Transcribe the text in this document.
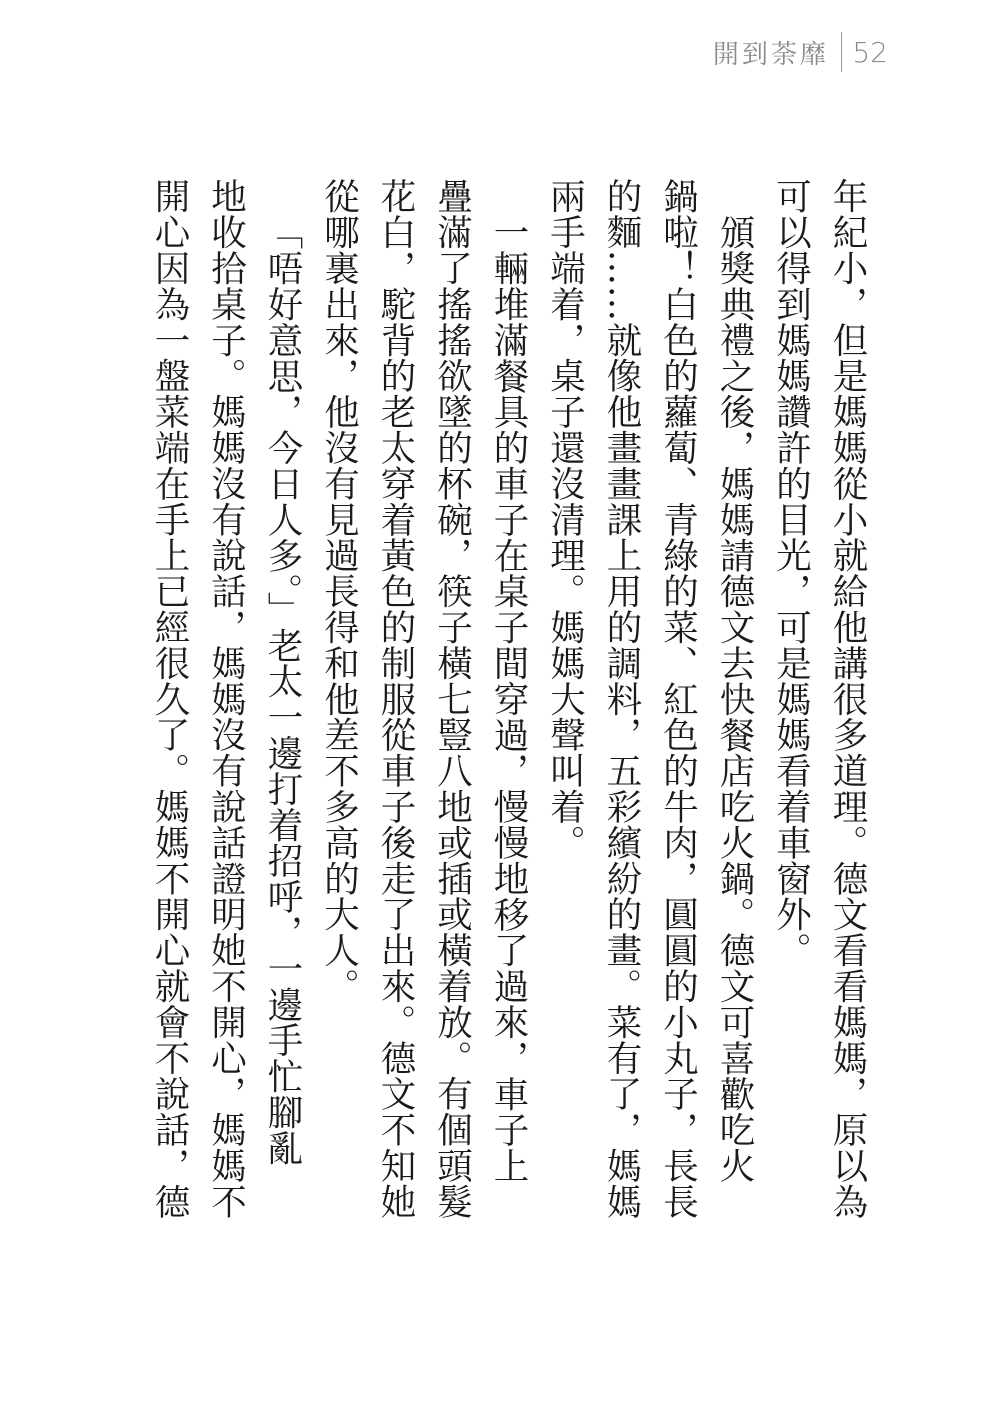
開到荼靡 52

年紀小，但是媽媽從小就給他講很多道理。德文看看媽媽，原以為

可以得到媽媽讚許的目光，可是媽媽看着車窗外。

頒獎典禮之後，媽媽請德文去快餐店吃火鍋。德文可喜歡吃火

鍋啦！白色的蘿蔔、青綠的菜、紅色的牛肉，圓圓的小丸子，長長

的麵……就像他畫畫課上用的調料，五彩繽紛的畫。菜有了，媽媽

兩手端着，桌子還沒清理。媽媽大聲叫着。

一輛堆滿餐具的車子在桌子間穿過，慢慢地移了過來，車子上

疊滿了搖搖欲墜的杯碗，筷子橫七豎八地或插或橫着放。有個頭髮

花白，駝背的老太穿着黃色的制服從車子後走了出來。德文不知她

從哪裏出來，他沒有見過長得和他差不多高的大人。

「唔好意思，今日人多。」老太一邊打着招呼，一邊手忙腳亂

地收拾桌子。媽媽沒有說話，媽媽沒有說話證明她不開心，媽媽不

開心因為一盤菜端在手上已經很久了。媽媽不開心就會不說話，德
